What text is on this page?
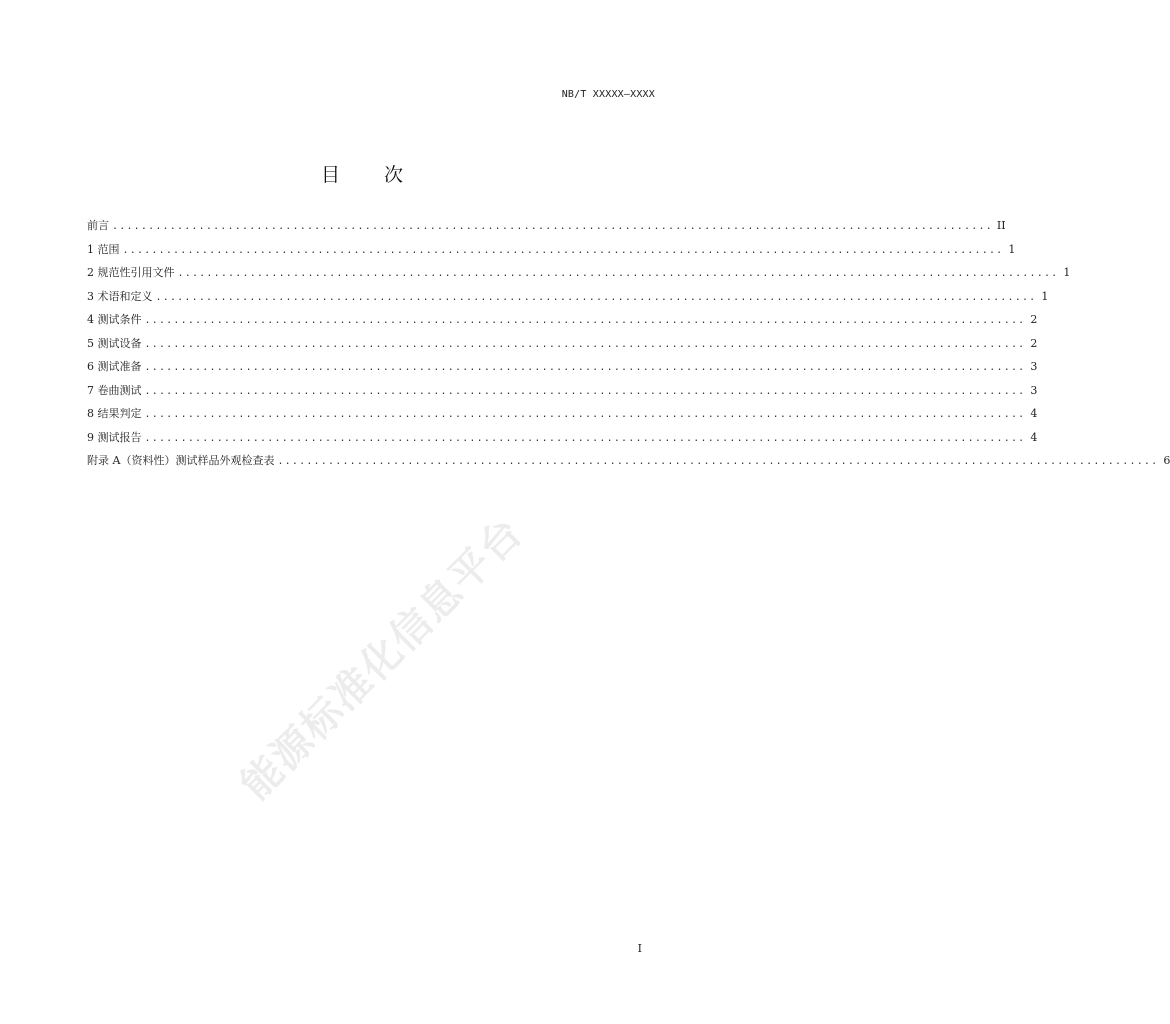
NB/T XXXXX—XXXX
目次
前言 .......................................................................................................................... II
1 范围 .......................................................................................................................... 1
2 规范性引用文件 .......................................................................................................................... 1
3 术语和定义 .......................................................................................................................... 1
4 测试条件 .......................................................................................................................... 2
5 测试设备 .......................................................................................................................... 2
6 测试准备 .......................................................................................................................... 3
7 卷曲测试 .......................................................................................................................... 3
8 结果判定 .......................................................................................................................... 4
9 测试报告 .......................................................................................................................... 4
附录 A（资料性）测试样品外观检查表 .......................................................................................................................... 6
能源标准化信息平台
I
